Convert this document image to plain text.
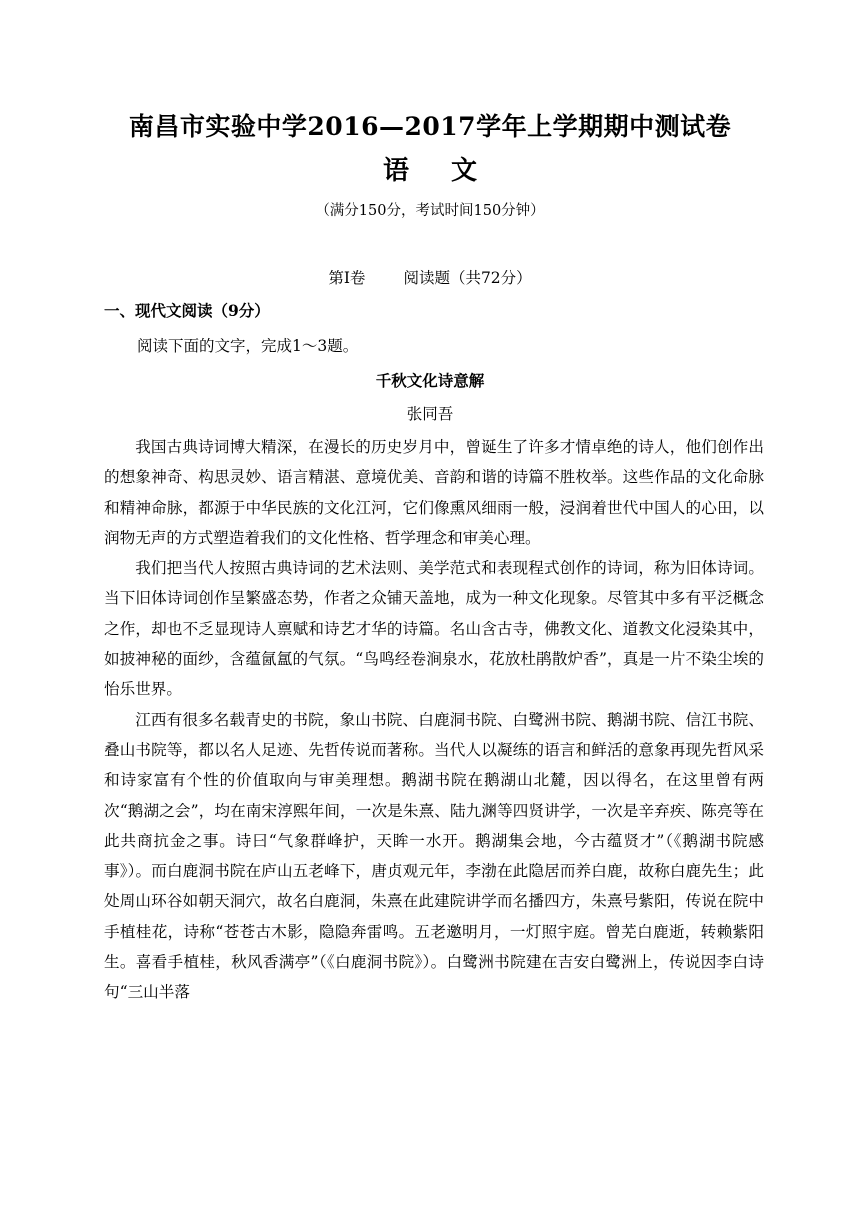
南昌市实验中学2016—2017学年上学期期中测试卷
语文
（满分150分，考试时间150分钟）
第Ⅰ卷 阅读题（共72分）
一、现代文阅读（9分）
阅读下面的文字，完成1～3题。
千秋文化诗意解
张同吾

我国古典诗词博大精深，在漫长的历史岁月中，曾诞生了许多才情卓绝的诗人，他们创作出的想象神奇、构思灵妙、语言精湛、意境优美、音韵和谐的诗篇不胜枚举。这些作品的文化命脉和精神命脉，都源于中华民族的文化江河，它们像熏风细雨一般，浸润着世代中国人的心田，以润物无声的方式塑造着我们的文化性格、哲学理念和审美心理。

我们把当代人按照古典诗词的艺术法则、美学范式和表现程式创作的诗词，称为旧体诗词。当下旧体诗词创作呈繁盛态势，作者之众铺天盖地，成为一种文化现象。尽管其中多有平泛概念之作，却也不乏显现诗人禀赋和诗艺才华的诗篇。名山含古寺，佛教文化、道教文化浸染其中，如披神秘的面纱，含蕴氤氲的气氛。“鸟鸣经卷涧泉水，花放杜鹃散炉香”，真是一片不染尘埃的怡乐世界。

江西有很多名载青史的书院，象山书院、白鹿洞书院、白鹭洲书院、鹅湖书院、信江书院、叠山书院等，都以名人足迹、先哲传说而著称。当代人以凝练的语言和鲜活的意象再现先哲风采和诗家富有个性的价值取向与审美理想。鹅湖书院在鹅湖山北麓，因以得名，在这里曾有两次“鹅湖之会”，均在南宋淳熙年间，一次是朱熹、陆九渊等四贤讲学，一次是辛弃疾、陈亮等在此共商抗金之事。诗曰“气象群峰护，天眸一水开。鹅湖集会地，今古蕴贤才”（《鹅湖书院感事》）。而白鹿洞书院在庐山五老峰下，唐贞观元年，李渤在此隐居而养白鹿，故称白鹿先生；此处周山环谷如朝天洞穴，故名白鹿洞，朱熹在此建院讲学而名播四方，朱熹号紫阳，传说在院中手植桂花，诗称“苍苍古木影，隐隐奔雷鸣。五老邀明月，一灯照宇庭。曾芜白鹿逝，转赖紫阳生。喜看手植桂，秋风香满亭”（《白鹿洞书院》）。白鹭洲书院建在吉安白鹭洲上，传说因李白诗句“三山半落
